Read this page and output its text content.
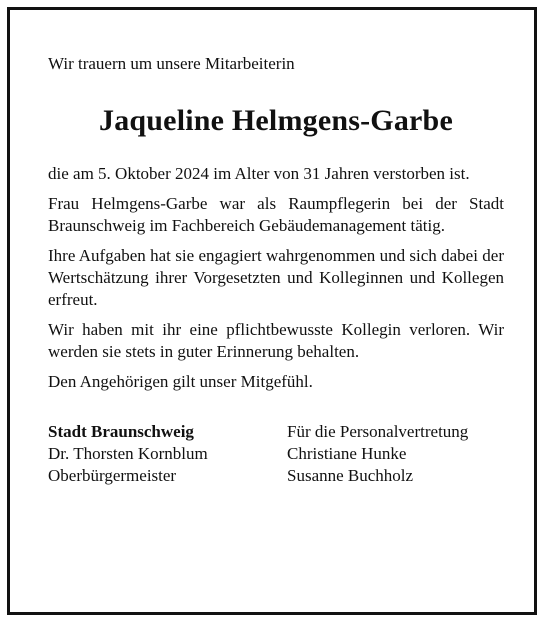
Wir trauern um unsere Mitarbeiterin

Jaqueline Helmgens-Garbe

die am 5. Oktober 2024 im Alter von 31 Jahren verstorben ist.

Frau Helmgens-Garbe war als Raumpflegerin bei der Stadt Braunschweig im Fachbereich Gebäudemanagement tätig.

Ihre Aufgaben hat sie engagiert wahrgenommen und sich dabei der Wertschätzung ihrer Vorgesetzten und Kolleginnen und Kollegen erfreut.

Wir haben mit ihr eine pflichtbewusste Kollegin verloren. Wir werden sie stets in guter Erinnerung behalten.

Den Angehörigen gilt unser Mitgefühl.

Stadt Braunschweig
Dr. Thorsten Kornblum
Oberbürgermeister
Für die Personalvertretung
Christiane Hunke
Susanne Buchholz
